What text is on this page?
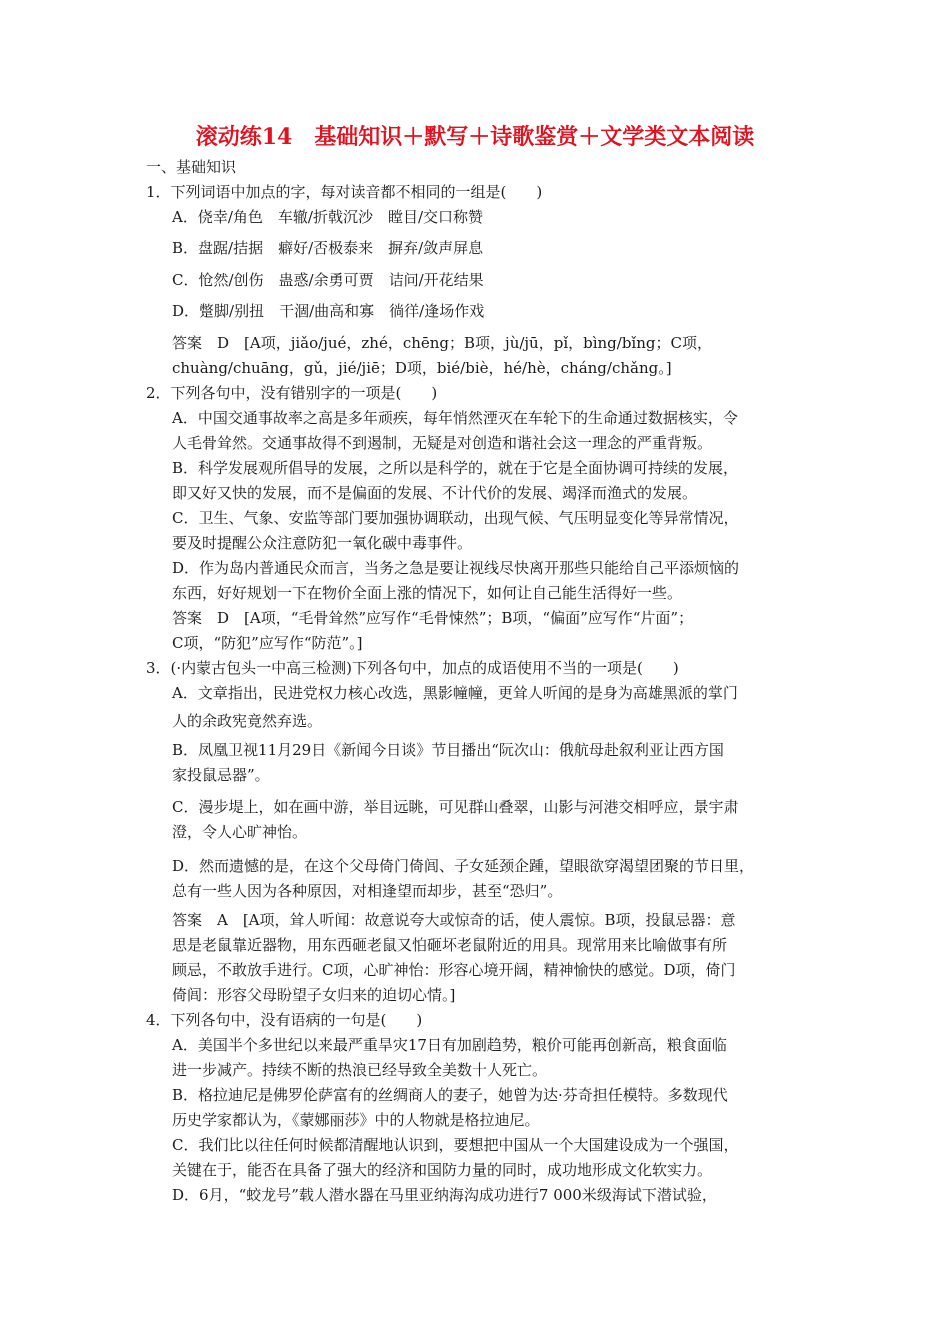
滚动练14　基础知识＋默写＋诗歌鉴赏＋文学类文本阅读
一、基础知识
1．下列词语中加点的字，每对读音都不相同的一组是(　　)
A．侥幸/角色　车辙/折戟沉沙　瞠目/交口称赞
B．盘踞/拮据　癖好/否极泰来　摒弃/敛声屏息
C．怆然/创伤　蛊惑/余勇可贾　诘问/开花结果
D．蹩脚/别扭　干涸/曲高和寡　徜徉/逢场作戏
答案　D　[A项，jiǎo/jué，zhé，chēng；B项，jù/jū，pǐ，bìng/bǐng；C项，
chuàng/chuāng，gǔ，jié/jiē；D项，bié/biè，hé/hè，cháng/chǎng。]
2．下列各句中，没有错别字的一项是(　　)
A．中国交通事故率之高是多年顽疾，每年悄然湮灭在车轮下的生命通过数据核实，令
人毛骨耸然。交通事故得不到遏制，无疑是对创造和谐社会这一理念的严重背叛。
B．科学发展观所倡导的发展，之所以是科学的，就在于它是全面协调可持续的发展，
即又好又快的发展，而不是偏面的发展、不计代价的发展、竭泽而渔式的发展。
C．卫生、气象、安监等部门要加强协调联动，出现气候、气压明显变化等异常情况，
要及时提醒公众注意防犯一氧化碳中毒事件。
D．作为岛内普通民众而言，当务之急是要让视线尽快离开那些只能给自己平添烦恼的
东西，好好规划一下在物价全面上涨的情况下，如何让自己能生活得好一些。
答案　D　[A项，“毛骨耸然”应写作“毛骨悚然”；B项，“偏面”应写作“片面”；
C项，“防犯”应写作“防范”。]
3．(·内蒙古包头一中高三检测)下列各句中，加点的成语使用不当的一项是(　　)
A．文章指出，民进党权力核心改选，黑影幢幢，更耸人听闻的是身为高雄黑派的掌门
人的余政宪竟然弃选。
B．凤凰卫视11月29日《新闻今日谈》节目播出“阮次山：俄航母赴叙利亚让西方国
家投鼠忌器”。
C．漫步堤上，如在画中游，举目远眺，可见群山叠翠，山影与河港交相呼应，景宇肃
澄，令人心旷神怡。
D．然而遗憾的是，在这个父母倚门倚闾、子女延颈企踵，望眼欲穿渴望团聚的节日里，
总有一些人因为各种原因，对相逢望而却步，甚至“恐归”。
答案　A　[A项，耸人听闻：故意说夸大或惊奇的话，使人震惊。B项，投鼠忌器：意
思是老鼠靠近器物，用东西砸老鼠又怕砸坏老鼠附近的用具。现常用来比喻做事有所
顾忌，不敢放手进行。C项，心旷神怡：形容心境开阔，精神愉快的感觉。D项，倚门
倚闾：形容父母盼望子女归来的迫切心情。]
4．下列各句中，没有语病的一句是(　　)
A．美国半个多世纪以来最严重旱灾17日有加剧趋势，粮价可能再创新高，粮食面临
进一步减产。持续不断的热浪已经导致全美数十人死亡。
B．格拉迪尼是佛罗伦萨富有的丝绸商人的妻子，她曾为达·芬奇担任模特。多数现代
历史学家都认为，《蒙娜丽莎》中的人物就是格拉迪尼。
C．我们比以往任何时候都清醒地认识到，要想把中国从一个大国建设成为一个强国，
关键在于，能否在具备了强大的经济和国防力量的同时，成功地形成文化软实力。
D．6月，“蛟龙号”载人潜水器在马里亚纳海沟成功进行7 000米级海试下潜试验，
